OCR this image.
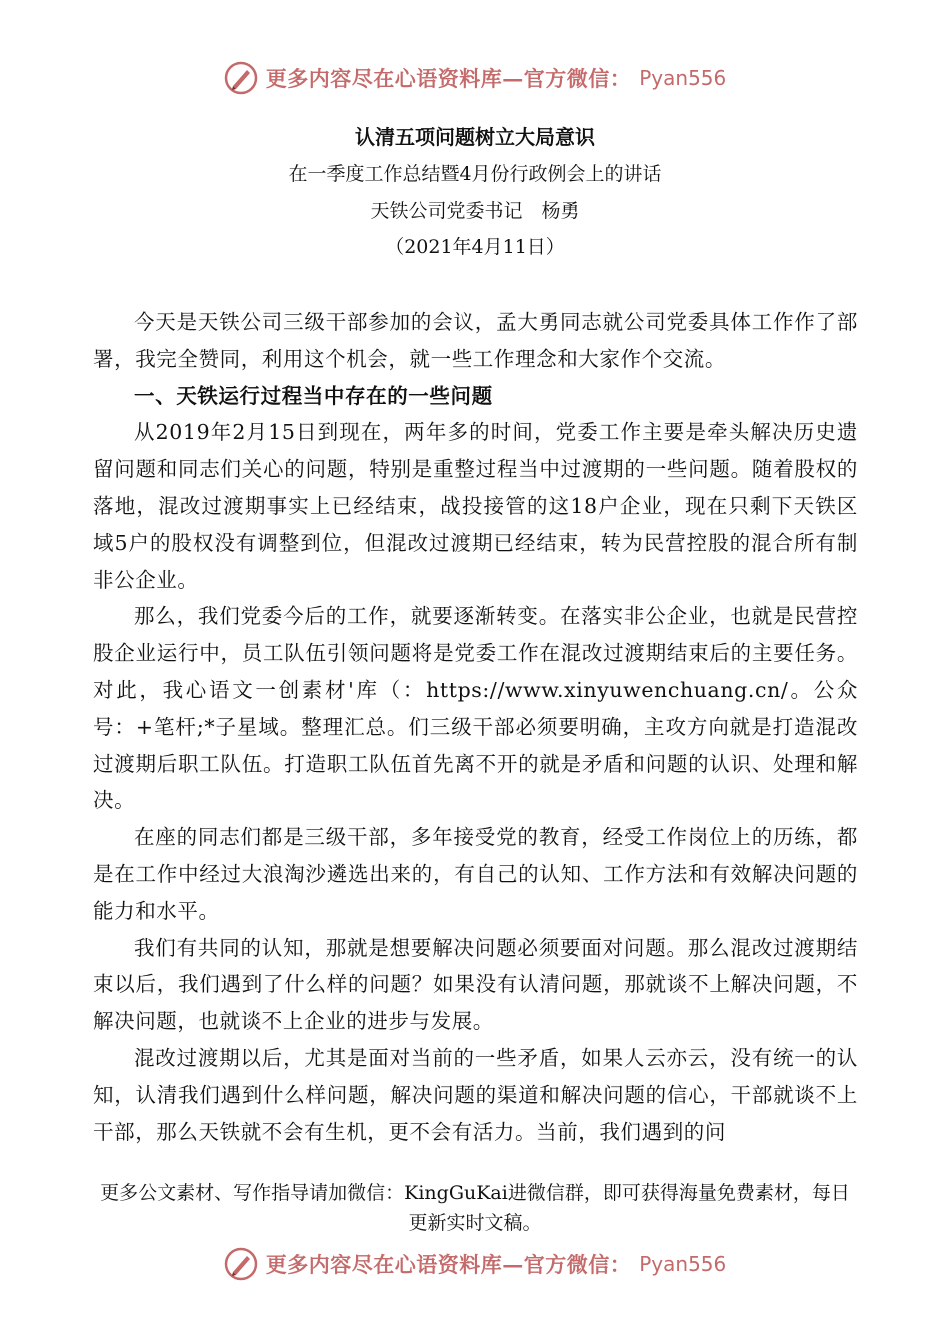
更多内容尽在心语资料库—官方微信： Pyan556
认清五项问题树立大局意识
在一季度工作总结暨4月份行政例会上的讲话
天铁公司党委书记　杨勇
（2021年4月11日）

今天是天铁公司三级干部参加的会议，孟大勇同志就公司党委具体工作作了部署，我完全赞同，利用这个机会，就一些工作理念和大家作个交流。

一、天铁运行过程当中存在的一些问题

从2019年2月15日到现在，两年多的时间，党委工作主要是牵头解决历史遗留问题和同志们关心的问题，特别是重整过程当中过渡期的一些问题。随着股权的落地，混改过渡期事实上已经结束，战投接管的这18户企业，现在只剩下天铁区域5户的股权没有调整到位，但混改过渡期已经结束，转为民营控股的混合所有制非公企业。

那么，我们党委今后的工作，就要逐渐转变。在落实非公企业，也就是民营控股企业运行中，员工队伍引领问题将是党委工作在混改过渡期结束后的主要任务。对此，我心语文一创素材'库（：https://www.xinyuwenchuang.cn/。公众号：+笔杆;*子星域。整理汇总。们三级干部必须要明确，主攻方向就是打造混改过渡期后职工队伍。打造职工队伍首先离不开的就是矛盾和问题的认识、处理和解决。

在座的同志们都是三级干部，多年接受党的教育，经受工作岗位上的历练，都是在工作中经过大浪淘沙遴选出来的，有自己的认知、工作方法和有效解决问题的能力和水平。

我们有共同的认知，那就是想要解决问题必须要面对问题。那么混改过渡期结束以后，我们遇到了什么样的问题？如果没有认清问题，那就谈不上解决问题，不解决问题，也就谈不上企业的进步与发展。

混改过渡期以后，尤其是面对当前的一些矛盾，如果人云亦云，没有统一的认知，认清我们遇到什么样问题，解决问题的渠道和解决问题的信心，干部就谈不上干部，那么天铁就不会有生机，更不会有活力。当前，我们遇到的问

更多公文素材、写作指导请加微信：KingGuKai进微信群，即可获得海量免费素材，每日更新实时文稿。
更多内容尽在心语资料库—官方微信： Pyan556
